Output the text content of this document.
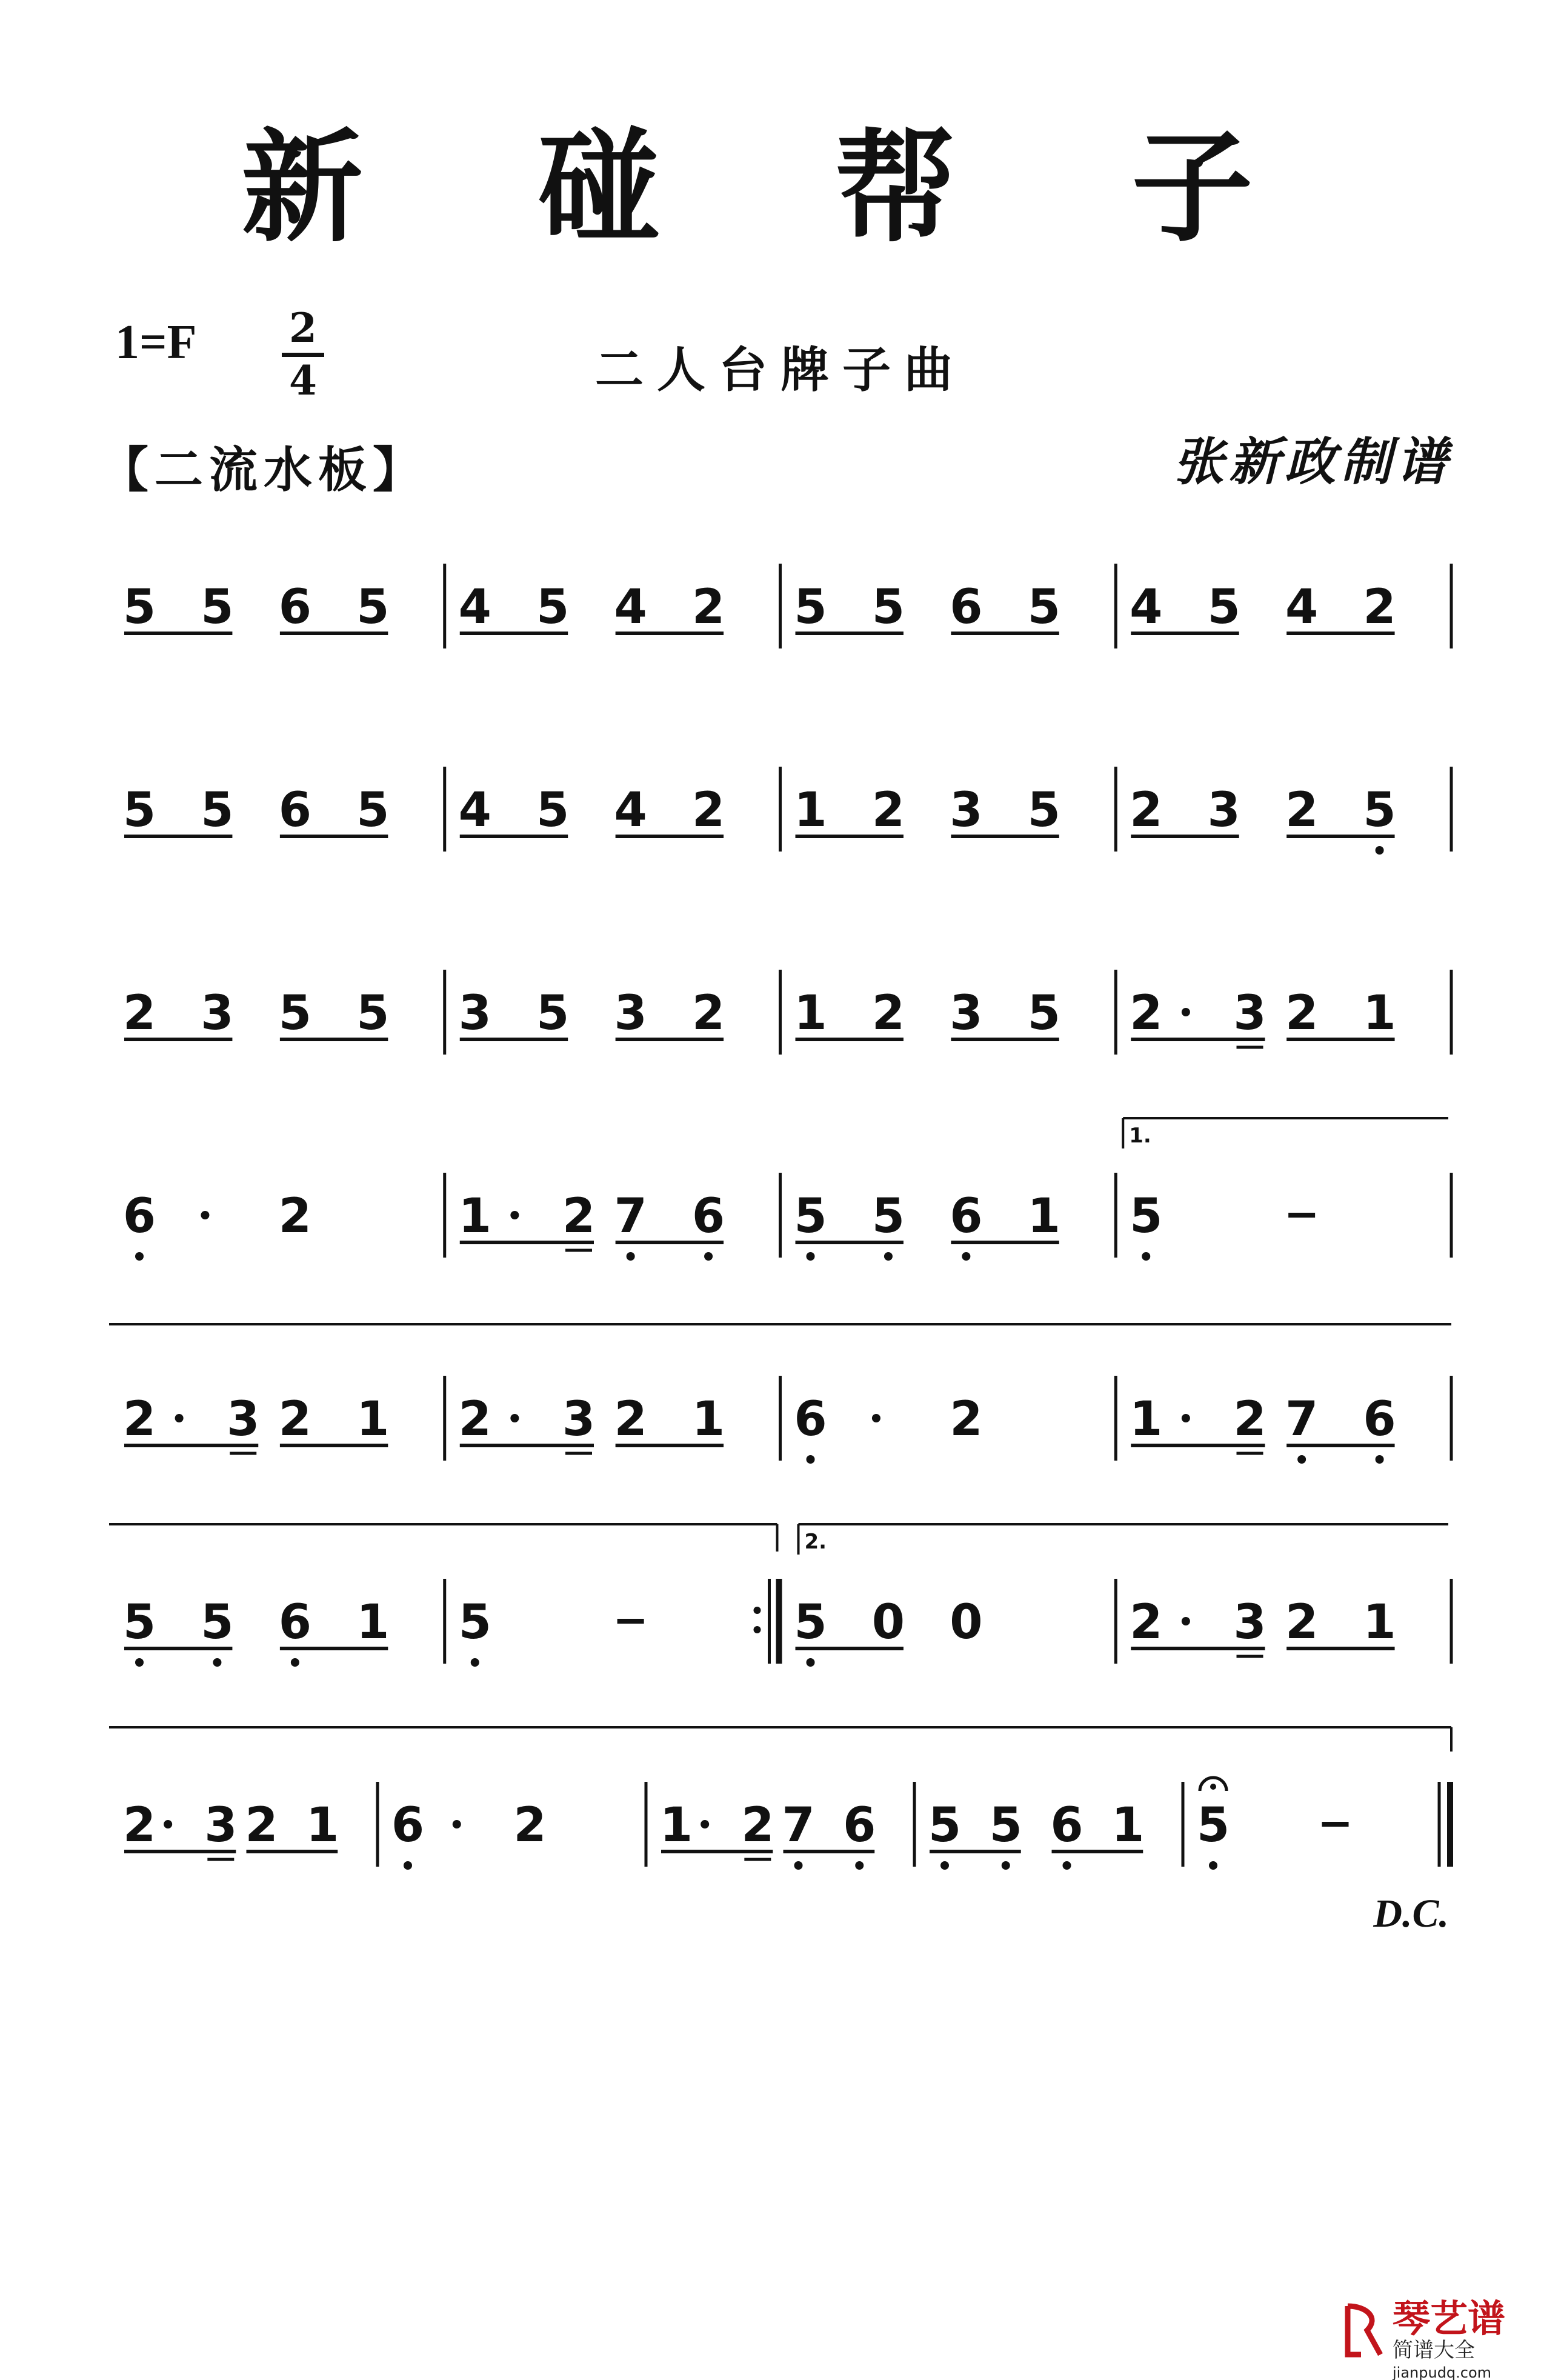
新 碰 帮 子
1=F 2
4	二人台牌子曲
【二流水板】	张新政制谱
5 5 6 5 4 5 4 2 5 5 6 5 4 5 4 2
5 5 6 5 4 5 4 2 1 2 3 5 2 3 2 5
2 3 5 5 3 5 3 2 1 2 3 5 2 3 2 1
6	2	1 2 7 6 5 5 6 1 5
1.
2 3 2 1 2 3 2 1 6	2	1 2 7 6
5 5 6 1 5	5 0 0	2 3 2 1
2.
2 3 2 1 6 2 1 2 7 6 5 5 6 1 5
D.C.
琴艺谱
简谱大全 jianpudq.com
